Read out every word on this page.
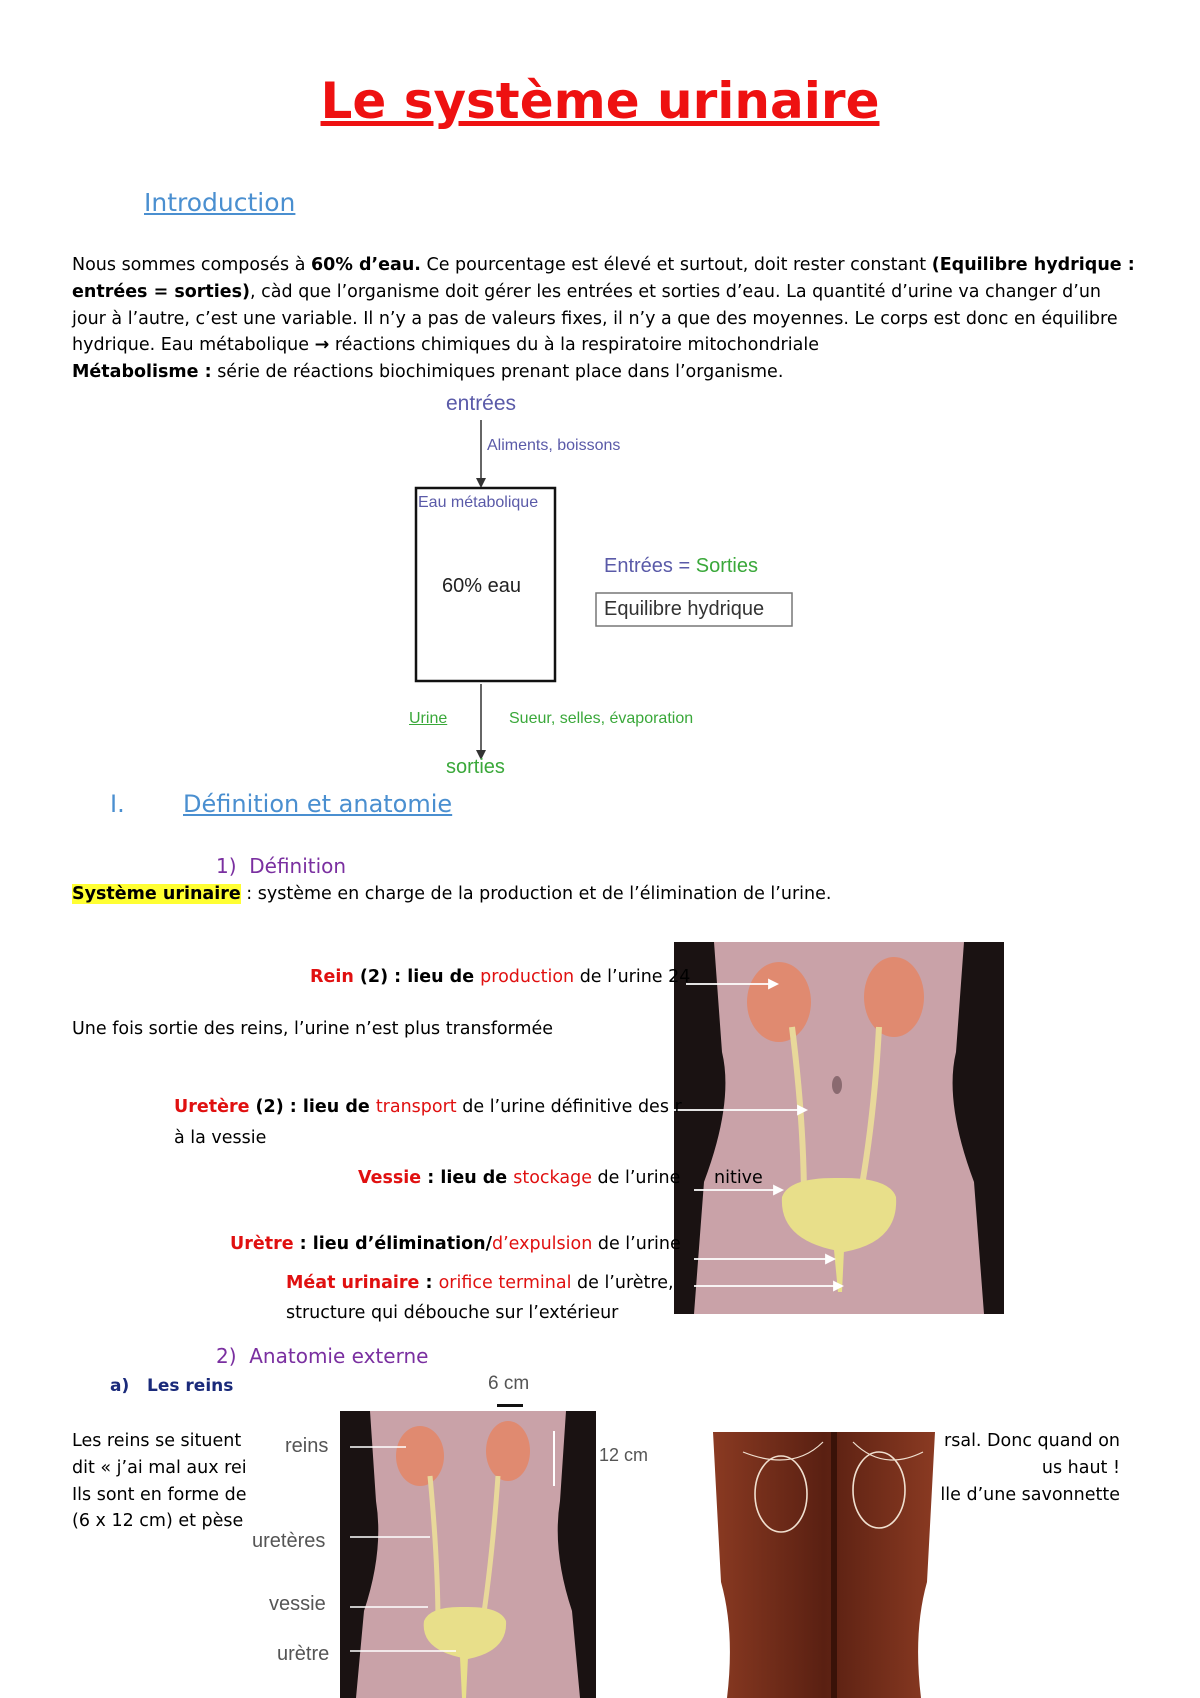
Le système urinaire
Introduction
Nous sommes composés à 60% d’eau. Ce pourcentage est élevé et surtout, doit rester constant (Equilibre hydrique :
entrées = sorties), càd que l’organisme doit gérer les entrées et sorties d’eau. La quantité d’urine va changer d’un
jour à l’autre, c’est une variable. Il n’y a pas de valeurs fixes, il n’y a que des moyennes. Le corps est donc en équilibre
hydrique. Eau métabolique → réactions chimiques du à la respiratoire mitochondriale
Métabolisme : série de réactions biochimiques prenant place dans l’organisme.
entrées
Aliments, boissons
Eau métabolique
60% eau
Entrées = Sorties
Equilibre hydrique
Urine	Sueur, selles, évaporation
sorties
I. Définition et anatomie
1) Définition
Système urinaire : système en charge de la production et de l’élimination de l’urine.
Rein (2) : lieu de production de l’urine 24
Une fois sortie des reins, l’urine n’est plus transformée
Uretère (2) : lieu de transport de l’urine définitive des r
à la vessie
Vessie : lieu de stockage de l’urine nitive
Urètre : lieu d’élimination/d’expulsion de l’urine
Méat urinaire : orifice terminal de l’urètre,
structure qui débouche sur l’extérieur
2) Anatomie externe
a) Les reins
Les reins se situent
dit « j’ai mal aux rei
Ils sont en forme de
(6 x 12 cm) et pèse
rsal. Donc quand on
us haut !
lle d’une savonnette
6 cm
reins	12 cm
uretères
vessie
urètre
